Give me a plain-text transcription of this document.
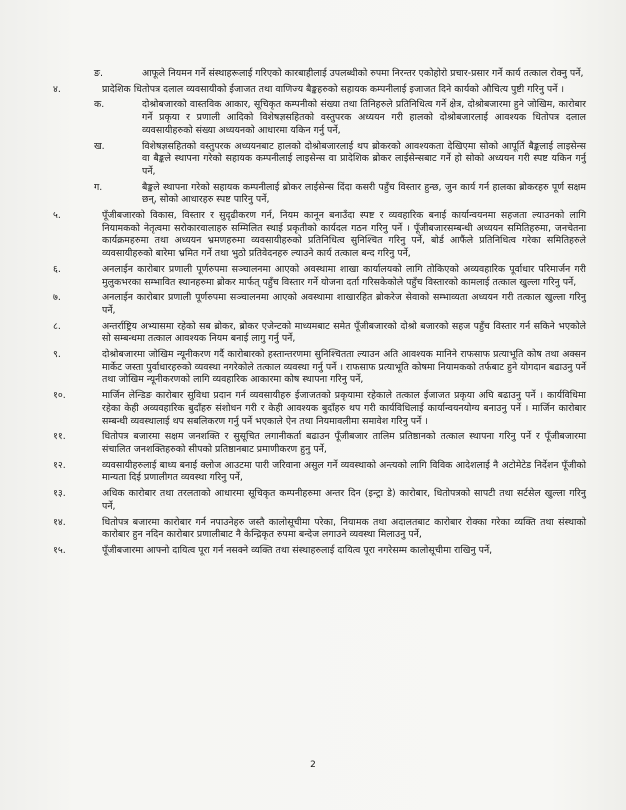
ङ.	आफूले नियमन गर्ने संस्थाहरूलाई गरिएको कारबाहीलाई उपलब्धीको रुपमा निरन्तर एकोहोरो प्रचार-प्रसार गर्ने कार्य तत्काल रोक्नु पर्ने,
४.	प्रादेशिक धितोपत्र दलाल व्यवसायीको ईजाजत तथा वाणिज्य बैङ्कहरुको सहायक कम्पनीलाई इजाजत दिने कार्यको औचित्य पुष्टी गरिनु पर्ने ।
क.	दोश्रोबजारको वास्तविक आकार, सूचिकृत कम्पनीको संख्या तथा तिनिहरुले प्रतिनिधित्व गर्ने क्षेत्र, दोश्रोबजारमा हुने जोखिम, कारोबार गर्ने प्रकृया र प्रणाली आदिको विशेषज्ञसहितको वस्तुपरक अध्ययन गरी हालको दोश्रोबजारलाई आवश्यक धितोपत्र दलाल व्यवसायीहरुको संख्या अध्ययनको आधारमा यकिन गर्नु पर्ने,
ख.	विशेषज्ञसहितको वस्तुपरक अध्ययनबाट हालको दोश्रोबजारलाई थप ब्रोकरको आवश्यकता देखिएमा सोको आपूर्ति बैङ्कलाई लाइसेन्स वा बैङ्कले स्थापना गरेको सहायक कम्पनीलाई लाइसेन्स वा प्रादेशिक ब्रोकर लाईसेन्सबाट गर्ने हो सोको अध्ययन गरी स्पष्ट यकिन गर्नु पर्ने,
ग.	बैङ्कले स्थापना गरेको सहायक कम्पनीलाई ब्रोकर लाईसेन्स दिंदा कसरी पहुँच विस्तार हुन्छ, जुन कार्य गर्न हालका ब्रोकरहरु पूर्ण सक्षम छन्, सोको आधारहरु स्पष्ट पारिनु पर्ने,
५.	पूँजीबजारको विकास, विस्तार र सुदृढीकरण गर्न, नियम कानून बनाउँदा स्पष्ट र व्यवहारिक बनाई कार्यान्वयनमा सहजता ल्याउनको लागि नियामकको नेतृत्वमा सरोकारवालाहरु सम्मिलित स्थाई प्रकृतीको कार्यदल गठन गरिनु पर्ने । पूँजीबजारसम्बन्धी अध्ययन समितिहरुमा, जनचेतना कार्यक्रमहरुमा तथा अध्ययन भ्रमणहरुमा व्यवसायीहरुको प्रतिनिधित्व सुनिश्चित गरिनु पर्ने, बोर्ड आफैंले प्रतिनिधित्व गरेका समितिहरुले व्यवसायीहरुको बारेमा भ्रमित गर्ने तथा भुठो प्रतिवेदनहरु ल्याउने कार्य तत्काल बन्द गरिनु पर्ने,
६.	अनलाईन कारोबार प्रणाली पूर्णरुपमा सञ्चालनमा आएको अवस्थामा शाखा कार्यालयको लागि तोकिएको अव्यवहारिक पूर्वाधार परिमार्जन गरी मुलुकभरका सम्भावित स्थानहरुमा ब्रोकर मार्फत् पहुँच विस्तार गर्ने योजना दर्ता गरिसकेकोले पहुँच विस्तारको कामलाई तत्काल खुल्ला गरिनु पर्ने,
७.	अनलाईन कारोबार प्रणाली पूर्णरुपमा सञ्चालनमा आएको अवस्थामा शाखारहित ब्रोकरेज सेवाको सम्भाव्यता अध्ययन गरी तत्काल खुल्ला गरिनु पर्ने,
८.	अन्तर्राष्ट्रिय अभ्यासमा रहेको सब ब्रोकर, ब्रोकर एजेन्टको माध्यमबाट समेत पूँजीबजारको दोश्रो बजारको सहज पहुँच विस्तार गर्न सकिने भएकोले सो सम्बन्धमा तत्काल आवश्यक नियम बनाई लागु गर्नु पर्ने,
९.	दोश्रोबजारमा जोखिम न्यूनीकरण गर्दै कारोबारको हस्तान्तरणमा सुनिश्चितता ल्याउन अति आवश्यक मानिने राफसाफ प्रत्याभूति कोष तथा अक्सन मार्केट जस्ता पुर्वाधारहरुको व्यवस्था नगरेकोले तत्काल व्यवस्था गर्नु पर्ने । राफसाफ प्रत्याभूति कोषमा नियामकको तर्फबाट हुने योगदान बढाउनु पर्ने तथा जोखिम न्यूनीकरणको लागि व्यवहारिक आकारमा कोष स्थापना गरिनु पर्ने,
१०.	मार्जिन लेन्डिङ कारोबार सुविधा प्रदान गर्न व्यवसायीहरु ईजाजतको प्रकृयामा रहेकाले तत्काल ईजाजत प्रकृया अघि बढाउनु पर्ने । कार्यविधिमा रहेका केही अव्यवहारिक बुदाँहरु संशोधन गरी र केही आवश्यक बुदाँहरु थप गरी कार्यविधिलाई कार्यान्वयनयोग्य बनाउनु पर्ने । मार्जिन कारोबार सम्बन्धी व्यवस्थालाई थप सबलिकरण गर्नु पर्ने भएकाले ऐन तथा नियमावलीमा समावेश गरिनु पर्ने ।
११.	धितोपत्र बजारमा सक्षम जनशक्ति र सुसूचित लगानीकर्ता बढाउन पूँजीबजार तालिम प्रतिष्ठानको तत्काल स्थापना गरिनु पर्ने र पूँजीबजारमा संचालित जनशक्तिहरुको सीपको प्रतिष्ठानबाट प्रमाणीकरण हुनु पर्ने,
१२.	व्यवसायीहरुलाई बाध्य बनाई क्लोज आउटमा पारी जरिवाना असुल गर्ने व्यवस्थाको अन्त्यको लागि विविक आदेशलाई नै अटोमेटेड निर्देशन पूँजीको मान्यता दिई प्रणालीगत व्यवस्था गरिनु पर्ने,
१३.	अधिक कारोबार तथा तरलताको आधारमा सूचिकृत कम्पनीहरुमा अन्तर दिन (इन्ट्रा डे) कारोबार, धितोपत्रको सापटी तथा सर्टसेल खुल्ला गरिनु पर्ने,
१४.	धितोपत्र बजारमा कारोबार गर्न नपाउनेहरु जस्तै कालोसूचीमा परेका, नियामक तथा अदालतबाट कारोबार रोक्का गरेका व्यक्ति तथा संस्थाको कारोबार हुन नदिन कारोबार प्रणालीबाट नै केन्द्रिकृत रुपमा बन्देज लगाउने व्यवस्था मिलाउनु पर्ने,
१५.	पूँजीबजारमा आफ्नो दायित्व पूरा गर्न नसक्ने व्यक्ति तथा संस्थाहरुलाई दायित्व पूरा नगरेसम्म कालोसूचीमा राखिनु पर्ने,
2
